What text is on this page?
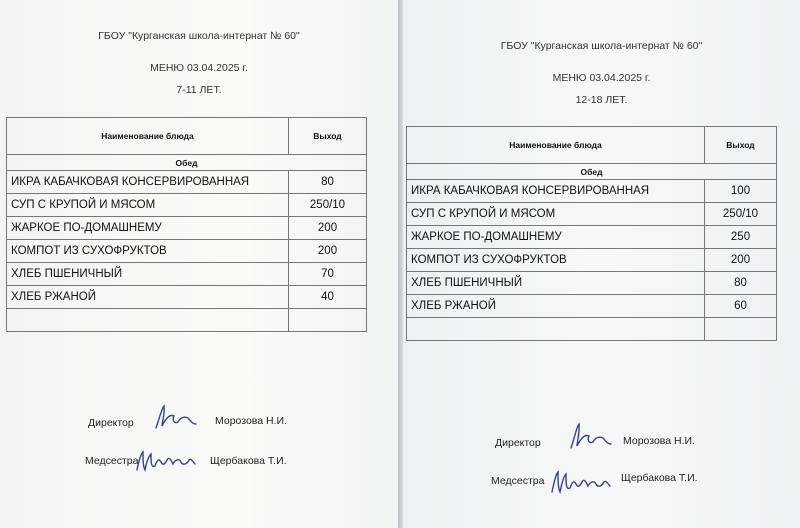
ГБОУ "Курганская школа-интернат № 60"
МЕНЮ 03.04.2025 г.
7-11 ЛЕТ.
Наименование блюда	Выход
Обед	
ИКРА КАБАЧКОВАЯ КОНСЕРВИРОВАННАЯ	80
СУП С КРУПОЙ И МЯСОМ	250/10
ЖАРКОЕ ПО-ДОМАШНЕМУ	200
КОМПОТ ИЗ СУХОФРУКТОВ	200
ХЛЕБ ПШЕНИЧНЫЙ	70
ХЛЕБ РЖАНОЙ	40

Директор	Морозова Н.И.
Медсестра	Щербакова Т.И.
ГБОУ "Курганская школа-интернат № 60"
МЕНЮ 03.04.2025 г.
12-18 ЛЕТ.
Наименование блюда	Выход
Обед	
ИКРА КАБАЧКОВАЯ КОНСЕРВИРОВАННАЯ	100
СУП С КРУПОЙ И МЯСОМ	250/10
ЖАРКОЕ ПО-ДОМАШНЕМУ	250
КОМПОТ ИЗ СУХОФРУКТОВ	200
ХЛЕБ ПШЕНИЧНЫЙ	80
ХЛЕБ РЖАНОЙ	60

Директор	Морозова Н.И.
Медсестра	Щербакова Т.И.
